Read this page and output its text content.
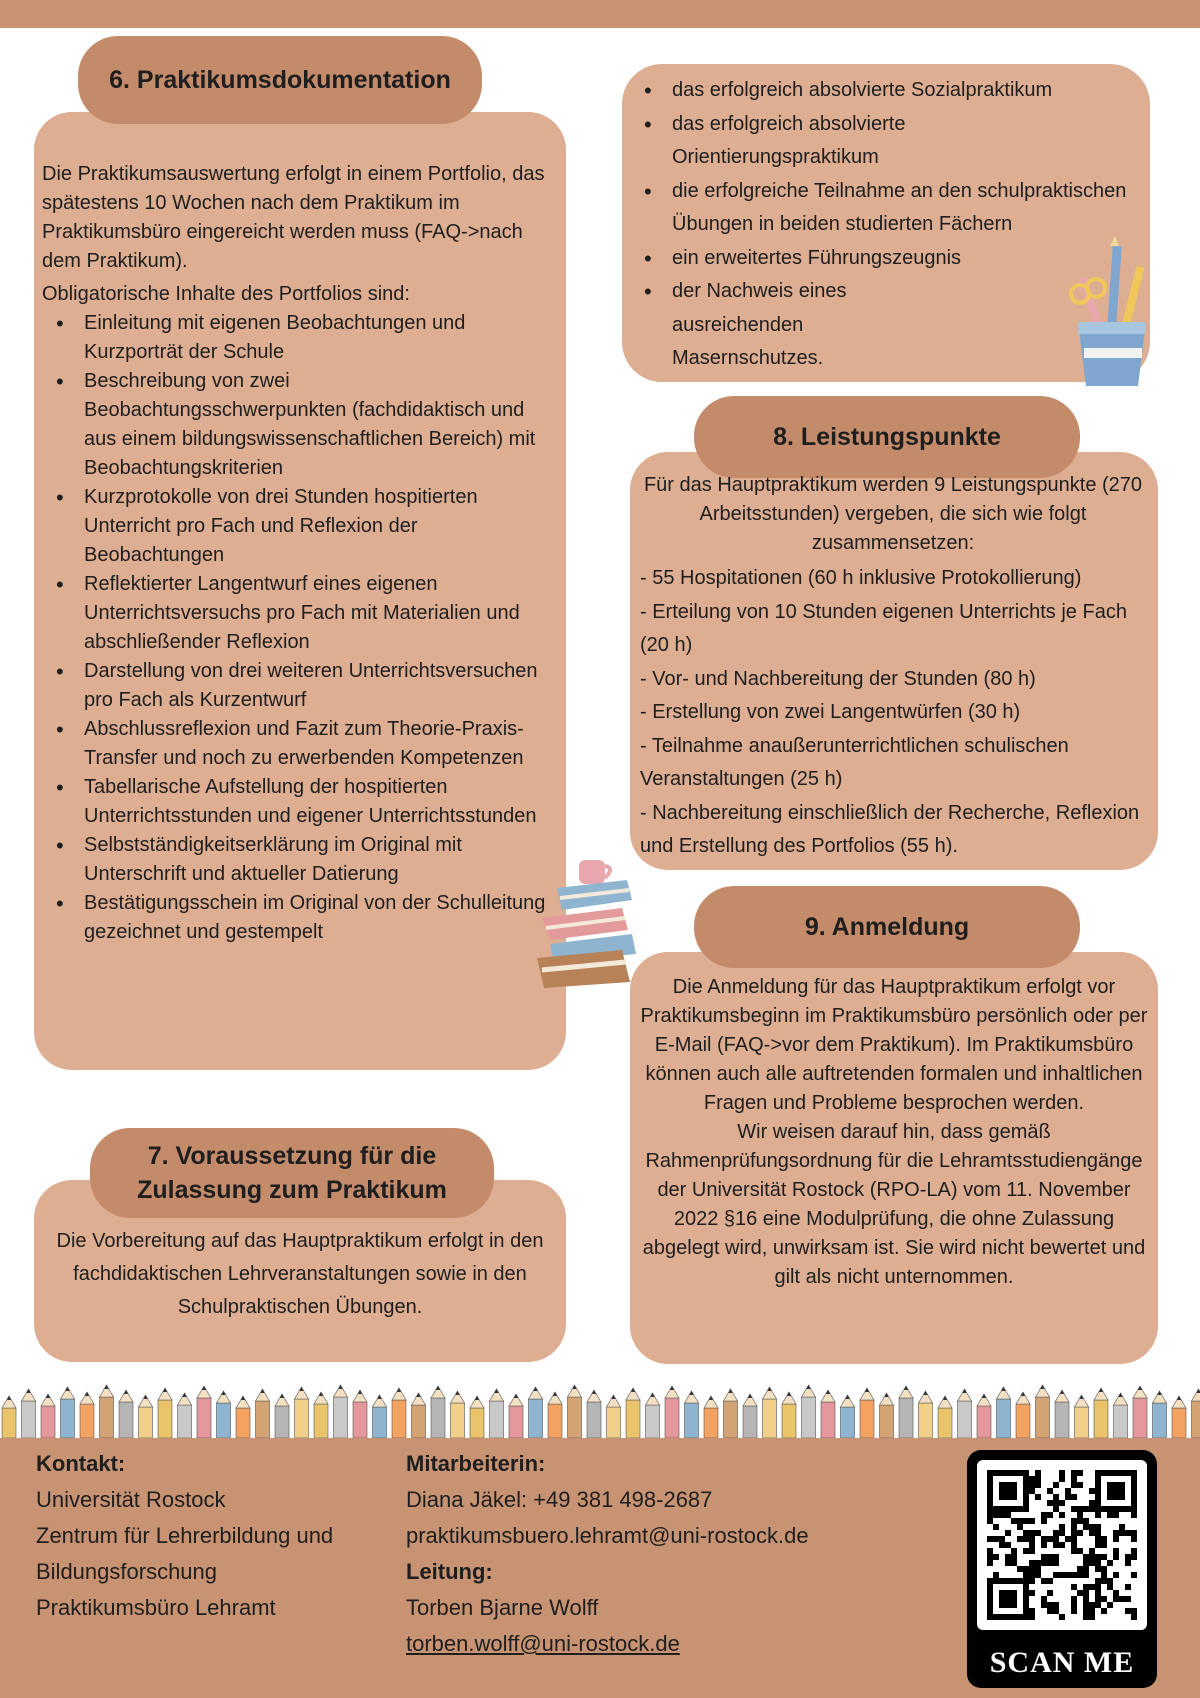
6. Praktikumsdokumentation

Die Praktikumsauswertung erfolgt in einem Portfolio, das spätestens 10 Wochen nach dem Praktikum im Praktikumsbüro eingereicht werden muss (FAQ->nach dem Praktikum).

Obligatorische Inhalte des Portfolios sind:

• Einleitung mit eigenen Beobachtungen und Kurzporträt der Schule
• Beschreibung von zwei Beobachtungsschwerpunkten (fachdidaktisch und aus einem bildungswissenschaftlichen Bereich) mit Beobachtungskriterien
• Kurzprotokolle von drei Stunden hospitierten Unterricht pro Fach und Reflexion der Beobachtungen
• Reflektierter Langentwurf eines eigenen Unterrichtsversuchs pro Fach mit Materialien und abschließender Reflexion
• Darstellung von drei weiteren Unterrichtsversuchen pro Fach als Kurzentwurf
• Abschlussreflexion und Fazit zum Theorie-Praxis-Transfer und noch zu erwerbenden Kompetenzen
• Tabellarische Aufstellung der hospitierten Unterrichtsstunden und eigener Unterrichtsstunden
• Selbstständigkeitserklärung im Original mit Unterschrift und aktueller Datierung
• Bestätigungsschein im Original von der Schulleitung gezeichnet und gestempelt
7. Voraussetzung für die
Zulassung zum Praktikum
Die Vorbereitung auf das Hauptpraktikum erfolgt in den fachdidaktischen Lehrveranstaltungen sowie in den Schulpraktischen Übungen.
• das erfolgreich absolvierte Sozialpraktikum
• das erfolgreich absolvierte Orientierungspraktikum
• die erfolgreiche Teilnahme an den schulpraktischen Übungen in beiden studierten Fächern
• ein erweitertes Führungszeugnis
• der Nachweis eines ausreichenden Masernschutzes.
8. Leistungspunkte

Für das Hauptpraktikum werden 9 Leistungspunkte (270 Arbeitsstunden) vergeben, die sich wie folgt zusammensetzen:

- 55 Hospitationen (60 h inklusive Protokollierung)

- Erteilung von 10 Stunden eigenen Unterrichts je Fach (20 h)

- Vor- und Nachbereitung der Stunden (80 h)

- Erstellung von zwei Langentwürfen (30 h)

- Teilnahme anaußerunterrichtlichen schulischen Veranstaltungen (25 h)

- Nachbereitung einschließlich der Recherche, Reflexion und Erstellung des Portfolios (55 h).

9. Anmeldung

Die Anmeldung für das Hauptpraktikum erfolgt vor Praktikumsbeginn im Praktikumsbüro persönlich oder per E-Mail (FAQ->vor dem Praktikum). Im Praktikumsbüro können auch alle auftretenden formalen und inhaltlichen Fragen und Probleme besprochen werden.

Wir weisen darauf hin, dass gemäß Rahmenprüfungsordnung für die Lehramtsstudiengänge der Universität Rostock (RPO-LA) vom 11. November 2022 §16 eine Modulprüfung, die ohne Zulassung abgelegt wird, unwirksam ist. Sie wird nicht bewertet und gilt als nicht unternommen.

Kontakt:
Universität Rostock
Zentrum für Lehrerbildung und
Bildungsforschung
Praktikumsbüro Lehramt
Mitarbeiterin:
Diana Jäkel: +49 381 498-2687
praktikumsbuero.lehramt@uni-rostock.de
Leitung:
Torben Bjarne Wolff
torben.wolff@uni-rostock.de
SCAN ME
